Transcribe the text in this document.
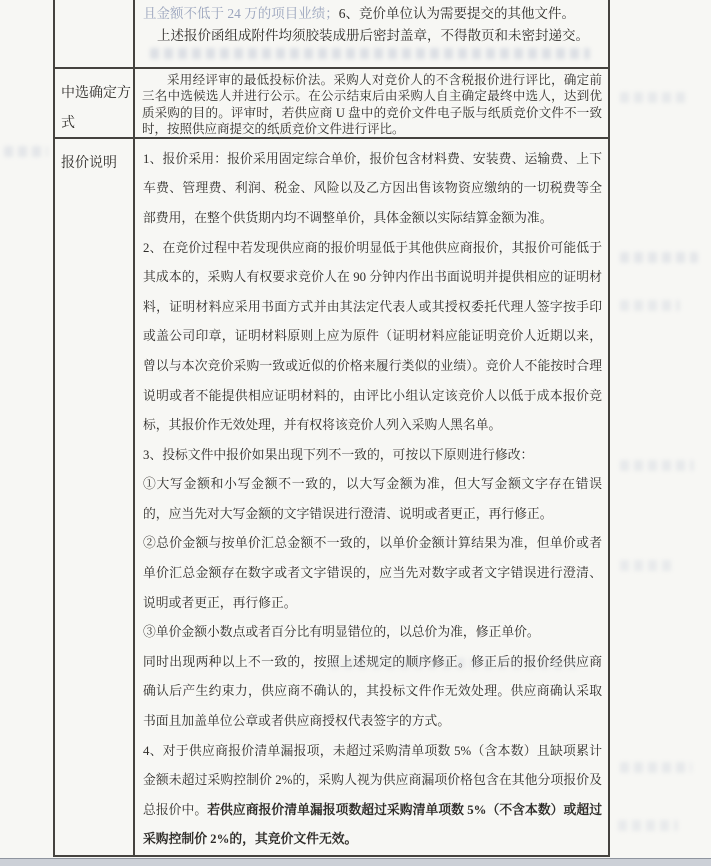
且金额不低于 24 万的项目业绩；6、竞价单位认为需要提交的其他文件。
上述报价函组成附件均须胶装成册后密封盖章，不得散页和未密封递交。
中选确定方式

采用经评审的最低投标价法。采购人对竞价人的不含税报价进行评比，确定前三名中选候选人并进行公示。在公示结束后由采购人自主确定最终中选人，达到优质采购的目的。评审时，若供应商 U 盘中的竞价文件电子版与纸质竞价文件不一致时，按照供应商提交的纸质竞价文件进行评比。

报价说明	1、报价采用：报价采用固定综合单价，报价包含材料费、安装费、运输费、上下车费、管理费、利润、税金、风险以及乙方因出售该物资应缴纳的一切税费等全部费用，在整个供货期内均不调整单价，具体金额以实际结算金额为准。

2、在竞价过程中若发现供应商的报价明显低于其他供应商报价，其报价可能低于其成本的，采购人有权要求竞价人在 90 分钟内作出书面说明并提供相应的证明材料，证明材料应采用书面方式并由其法定代表人或其授权委托代理人签字按手印或盖公司印章，证明材料原则上应为原件（证明材料应能证明竞价人近期以来，曾以与本次竞价采购一致或近似的价格来履行类似的业绩）。竞价人不能按时合理说明或者不能提供相应证明材料的，由评比小组认定该竞价人以低于成本报价竞标，其报价作无效处理，并有权将该竞价人列入采购人黑名单。

3、投标文件中报价如果出现下列不一致的，可按以下原则进行修改：

①大写金额和小写金额不一致的，以大写金额为准，但大写金额文字存在错误的，应当先对大写金额的文字错误进行澄清、说明或者更正，再行修正。

②总价金额与按单价汇总金额不一致的，以单价金额计算结果为准，但单价或者单价汇总金额存在数字或者文字错误的，应当先对数字或者文字错误进行澄清、说明或者更正，再行修正。

③单价金额小数点或者百分比有明显错位的，以总价为准，修正单价。

同时出现两种以上不一致的，按照上述规定的顺序修正。修正后的报价经供应商确认后产生约束力，供应商不确认的，其投标文件作无效处理。供应商确认采取书面且加盖单位公章或者供应商授权代表签字的方式。

4、对于供应商报价清单漏报项，未超过采购清单项数 5%（含本数）且缺项累计金额未超过采购控制价 2%的，采购人视为供应商漏项价格包含在其他分项报价及总报价中。若供应商报价清单漏报项数超过采购清单项数 5%（不含本数）或超过采购控制价 2%的，其竞价文件无效。
